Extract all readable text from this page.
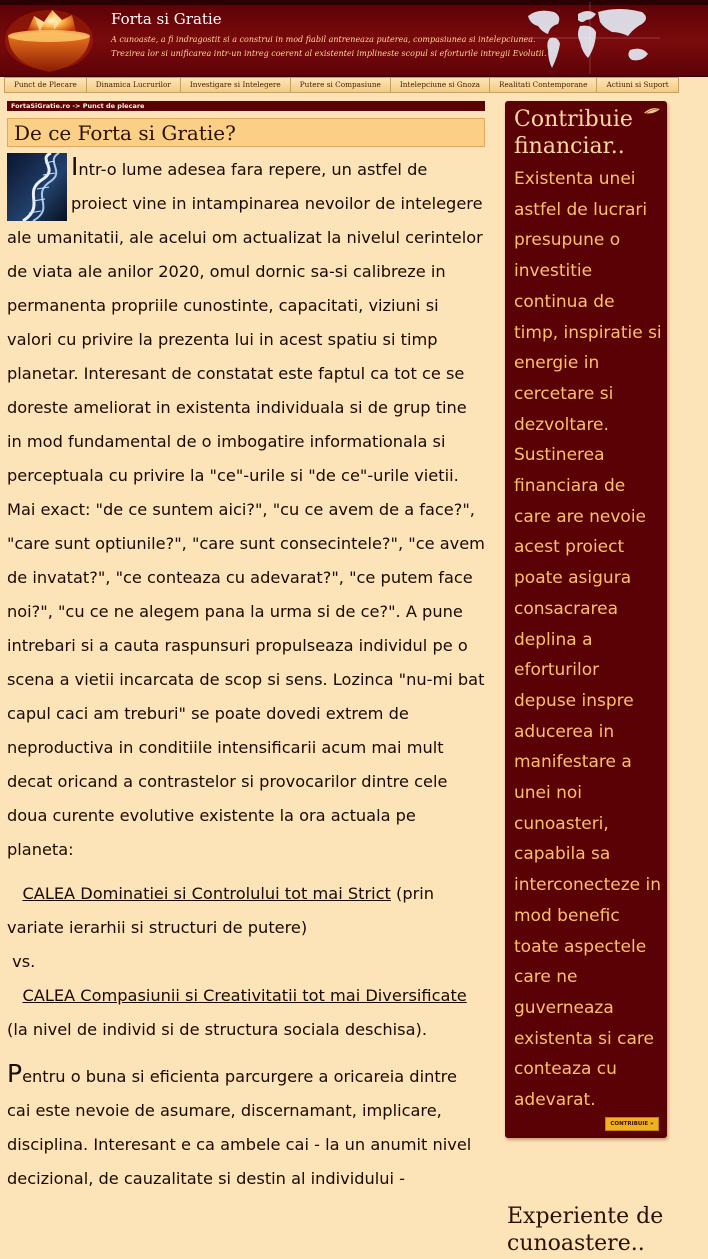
Forta si Gratie
A cunoaste, a fi indragostit si a construi in mod fiabil antreneaza puterea, compasiunea si intelepciunea.
Trezirea lor si unificarea intr-un intreg coerent al existentei implineste scopul si eforturile intregii Evolutii.
Punct de Plecare	Dinamica Lucrurilor	Investigare si Intelegere	Putere si Compasiune	Intelepciune si Gnoza	Realitati Contemporane	Actiuni si Suport
FortaSiGratie.ro -> Punct de plecare
De ce Forta si Gratie?

Intr-o lume adesea fara repere, un astfel de proiect vine in intampinarea nevoilor de intelegere ale umanitatii, ale acelui om actualizat la nivelul cerintelor de viata ale anilor 2020, omul dornic sa-si calibreze in permanenta propriile cunostinte, capacitati, viziuni si valori cu privire la prezenta lui in acest spatiu si timp planetar. Interesant de constatat este faptul ca tot ce se doreste ameliorat in existenta individuala si de grup tine in mod fundamental de o imbogatire informationala si perceptuala cu privire la "ce"-urile si "de ce"-urile vietii. Mai exact: "de ce suntem aici?", "cu ce avem de a face?", "care sunt optiunile?", "care sunt consecintele?", "ce avem de invatat?", "ce conteaza cu adevarat?", "ce putem face noi?", "cu ce ne alegem pana la urma si de ce?". A pune intrebari si a cauta raspunsuri propulseaza individul pe o scena a vietii incarcata de scop si sens. Lozinca "nu-mi bat capul caci am treburi" se poate dovedi extrem de neproductiva in conditiile intensificarii acum mai mult decat oricand a contrastelor si provocarilor dintre cele doua curente evolutive existente la ora actuala pe planeta:

CALEA Dominatiei si Controlului tot mai Strict (prin variate ierarhii si structuri de putere)

vs.

CALEA Compasiunii si Creativitatii tot mai Diversificate (la nivel de individ si de structura sociala deschisa).

Pentru o buna si eficienta parcurgere a oricareia dintre cai este nevoie de asumare, discernamant, implicare, disciplina. Interesant e ca ambele cai - la un anumit nivel decizional, de cauzalitate si destin al individului -

Contribuie financiar..
Existenta unei astfel de lucrari presupune o investitie continua de timp, inspiratie si energie in cercetare si dezvoltare. Sustinerea financiara de care are nevoie acest proiect poate asigura consacrarea deplina a eforturilor depuse inspre aducerea in manifestare a unei noi cunoasteri, capabila sa interconecteze in mod benefic toate aspectele care ne guverneaza existenta si care conteaza cu adevarat.
CONTRIBUIE »
Experiente de cunoastere..
